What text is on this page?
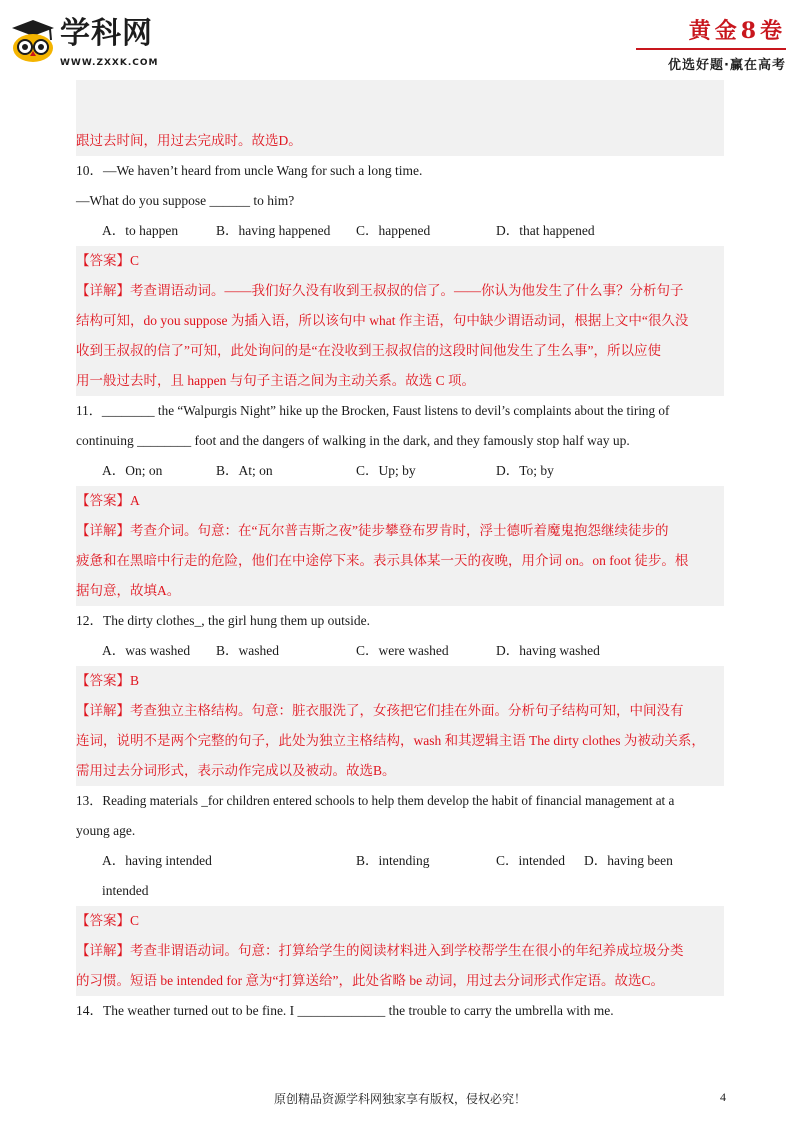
学科网
WWW.ZXXK.COM
黄金8卷
优选好题·赢在高考
跟过去时间，用过去完成时。故选D。
10．—We haven’t heard from uncle Wang for such a long time.
—What do you suppose ______ to him?
A．to happen	B．having happened C．happened	D．that happened
【答案】C
【详解】考查谓语动词。——我们好久没有收到王叔叔的信了。——你认为他发生了什么事？分析句子
结构可知，do you suppose 为插入语，所以该句中 what 作主语，句中缺少谓语动词，根据上文中“很久没
收到王叔叔的信了”可知，此处询问的是“在没收到王叔叔信的这段时间他发生了生么事”，所以应使
用一般过去时，且 happen 与句子主语之间为主动关系。故选 C 项。
11．________ the “Walpurgis Night” hike up the Brocken, Faust listens to devil’s complaints about the tiring of
continuing ________ foot and the dangers of walking in the dark, and they famously stop half way up.
A．On; on	B．At; on	C．Up; by	D．To; by
【答案】A
【详解】考查介词。句意：在“瓦尔普吉斯之夜”徒步攀登布罗肯时，浮士德听着魔鬼抱怨继续徒步的
疲惫和在黑暗中行走的危险，他们在中途停下来。表示具体某一天的夜晚，用介词 on。on foot 徒步。根
据句意，故填A。
12．The dirty clothes_, the girl hung them up outside.
A．was washed B．washed	C．were washed	D．having washed
【答案】B
【详解】考查独立主格结构。句意：脏衣服洗了，女孩把它们挂在外面。分析句子结构可知，中间没有
连词，说明不是两个完整的句子，此处为独立主格结构，wash 和其逻辑主语 The dirty clothes 为被动关系，
需用过去分词形式，表示动作完成以及被动。故选B。
13．Reading materials _for children entered schools to help them develop the habit of financial management at a
young age.
A．having intended	B．intending	C．intended D．having been
intended
【答案】C
【详解】考查非谓语动词。句意：打算给学生的阅读材料进入到学校帮学生在很小的年纪养成垃圾分类
的习惯。短语 be intended for 意为“打算送给”，此处省略 be 动词，用过去分词形式作定语。故选C。
14．The weather turned out to be fine. I _____________ the trouble to carry the umbrella with me.
原创精品资源学科网独家享有版权，侵权必究！	4
